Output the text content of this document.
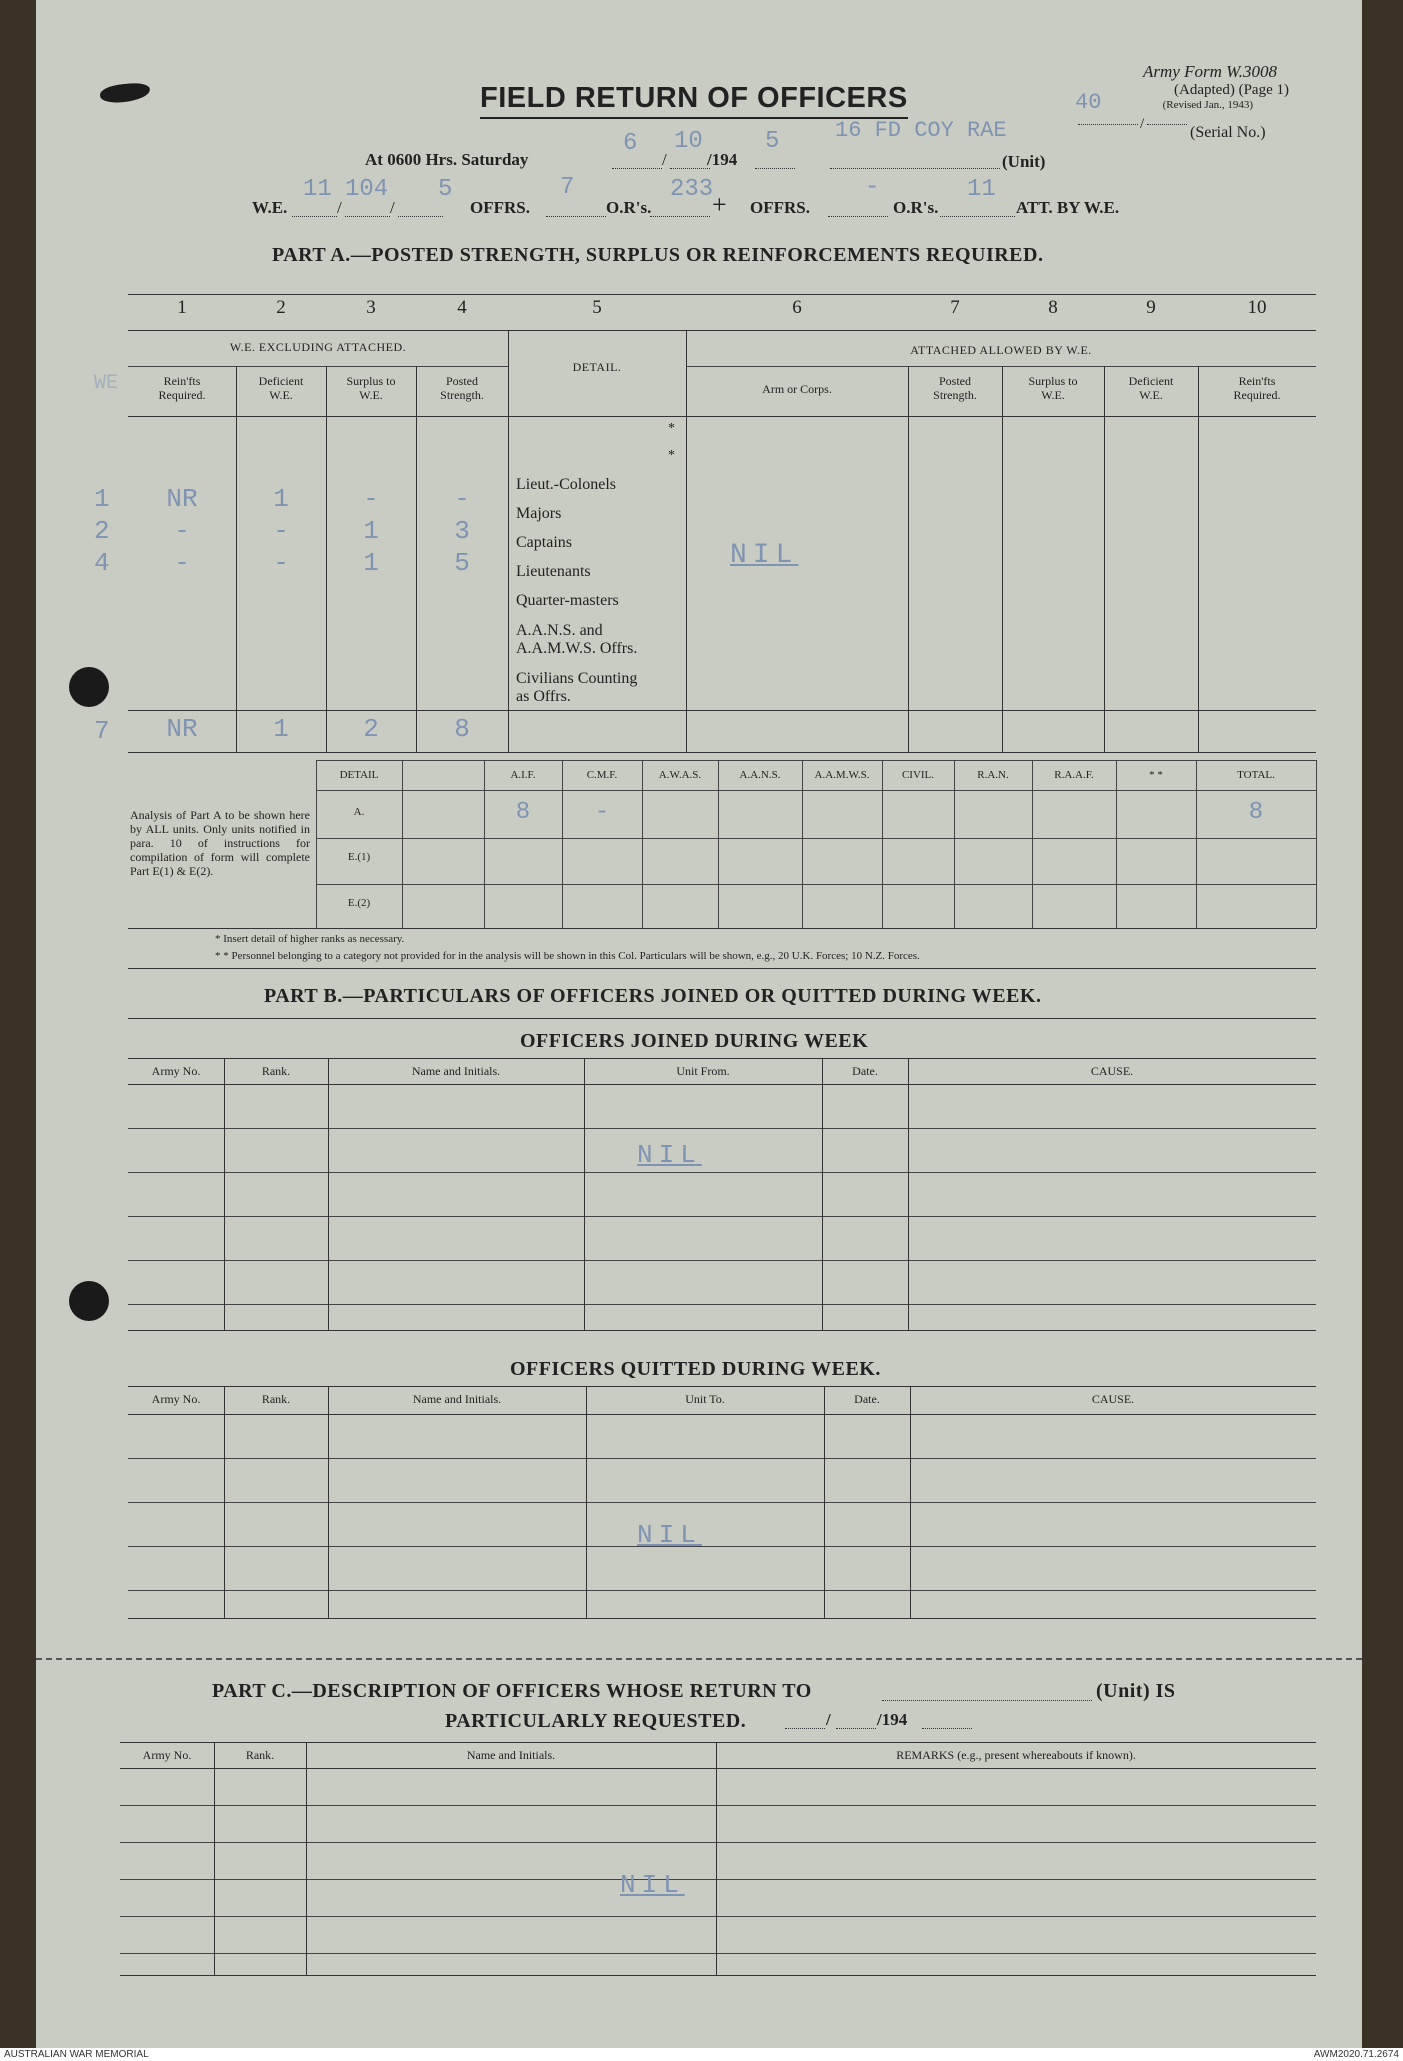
Army Form W.3008
(Adapted) (Page 1)
(Revised Jan., 1943)
40
/	(Serial No.)
FIELD RETURN OF OFFICERS
At 0600 Hrs. Saturday
6
/
10
/194
5	16 FD COY RAE
(Unit)
W.E.
11
/
104
/
5
OFFRS.
7
O.R's.
233
+ OFFRS.
-
O.R's.
11
ATT. BY W.E.
PART A.—POSTED STRENGTH, SURPLUS OR REINFORCEMENTS REQUIRED.
1	2	3	4	5	6	7	8	9	10
W.E. EXCLUDING ATTACHED.	ATTACHED ALLOWED BY W.E.
DETAIL.
WE	Rein'fts
Required.
Deficient
W.E.
Surplus to
W.E.
Posted
Strength.	Arm or Corps.
Posted
Strength.
Surplus to
W.E.
Deficient
W.E.
Rein'fts
Required.
*
*
Lieut.-Colonels
Majors
Captains
Lieutenants
Quarter-masters
A.A.N.S. and
A.A.M.W.S. Offrs.
Civilians Counting
as Offrs.
1	NR	1	-	-
2	-	-	1	3
4	-	-	1	5	NIL
7	NR	1	2	8
Analysis of Part A to be shown here by ALL units. Only units notified in para. 10 of instructions for compilation of form will complete Part E(1) & E(2).
DETAIL	A.I.F.	C.M.F.	A.W.A.S.	A.A.N.S.	A.A.M.W.S.	CIVIL.	R.A.N.	R.A.A.F.	* *	TOTAL.
A.
E.(1)
E.(2)
8	-	8
* Insert detail of higher ranks as necessary.
* * Personnel belonging to a category not provided for in the analysis will be shown in this Col. Particulars will be shown, e.g., 20 U.K. Forces; 10 N.Z. Forces.
PART B.—PARTICULARS OF OFFICERS JOINED OR QUITTED DURING WEEK.
OFFICERS JOINED DURING WEEK
Army No.	Rank.	Name and Initials.	Unit From.	Date.	CAUSE.
NIL
OFFICERS QUITTED DURING WEEK.
Army No.	Rank.	Name and Initials.	Unit To.	Date.	CAUSE.
NIL
PART C.—DESCRIPTION OF OFFICERS WHOSE RETURN TO	(Unit) IS
PARTICULARLY REQUESTED.	/	/194
Army No.	Rank.	Name and Initials.	REMARKS (e.g., present whereabouts if known).
NIL
AUSTRALIAN WAR MEMORIAL	AWM2020.71.2674
